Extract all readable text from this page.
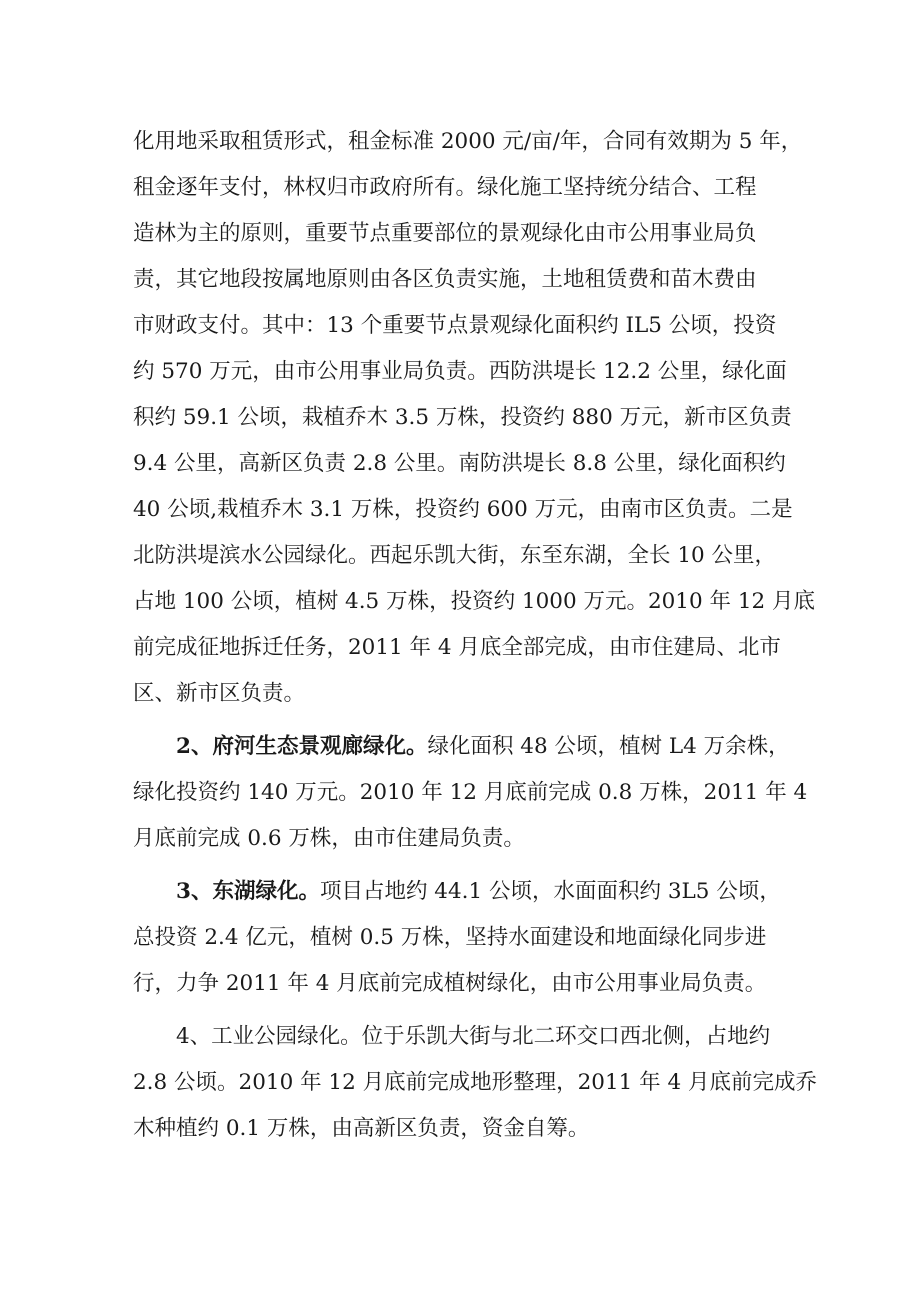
化用地采取租赁形式，租金标准 2000 元/亩/年，合同有效期为 5 年，
租金逐年支付，林权归市政府所有。绿化施工坚持统分结合、工程
造林为主的原则，重要节点重要部位的景观绿化由市公用事业局负
责，其它地段按属地原则由各区负责实施，土地租赁费和苗木费由
市财政支付。其中：13 个重要节点景观绿化面积约 IL5 公顷，投资
约 570 万元，由市公用事业局负责。西防洪堤长 12.2 公里，绿化面
积约 59.1 公顷，栽植乔木 3.5 万株，投资约 880 万元，新市区负责
9.4 公里，高新区负责 2.8 公里。南防洪堤长 8.8 公里，绿化面积约
40 公顷,栽植乔木 3.1 万株，投资约 600 万元，由南市区负责。二是
北防洪堤滨水公园绿化。西起乐凯大街，东至东湖，全长 10 公里，
占地 100 公顷，植树 4.5 万株，投资约 1000 万元。2010 年 12 月底
前完成征地拆迁任务，2011 年 4 月底全部完成，由市住建局、北市
区、新市区负责。
  2、府河生态景观廊绿化。绿化面积 48 公顷，植树 L4 万余株，
绿化投资约 140 万元。2010 年 12 月底前完成 0.8 万株，2011 年 4
月底前完成 0.6 万株，由市住建局负责。
  3、东湖绿化。项目占地约 44.1 公顷，水面面积约 3L5 公顷，
总投资 2.4 亿元，植树 0.5 万株，坚持水面建设和地面绿化同步进
行，力争 2011 年 4 月底前完成植树绿化，由市公用事业局负责。
  4、工业公园绿化。位于乐凯大街与北二环交口西北侧，占地约
2.8 公顷。2010 年 12 月底前完成地形整理，2011 年 4 月底前完成乔
木种植约 0.1 万株，由高新区负责，资金自筹。
